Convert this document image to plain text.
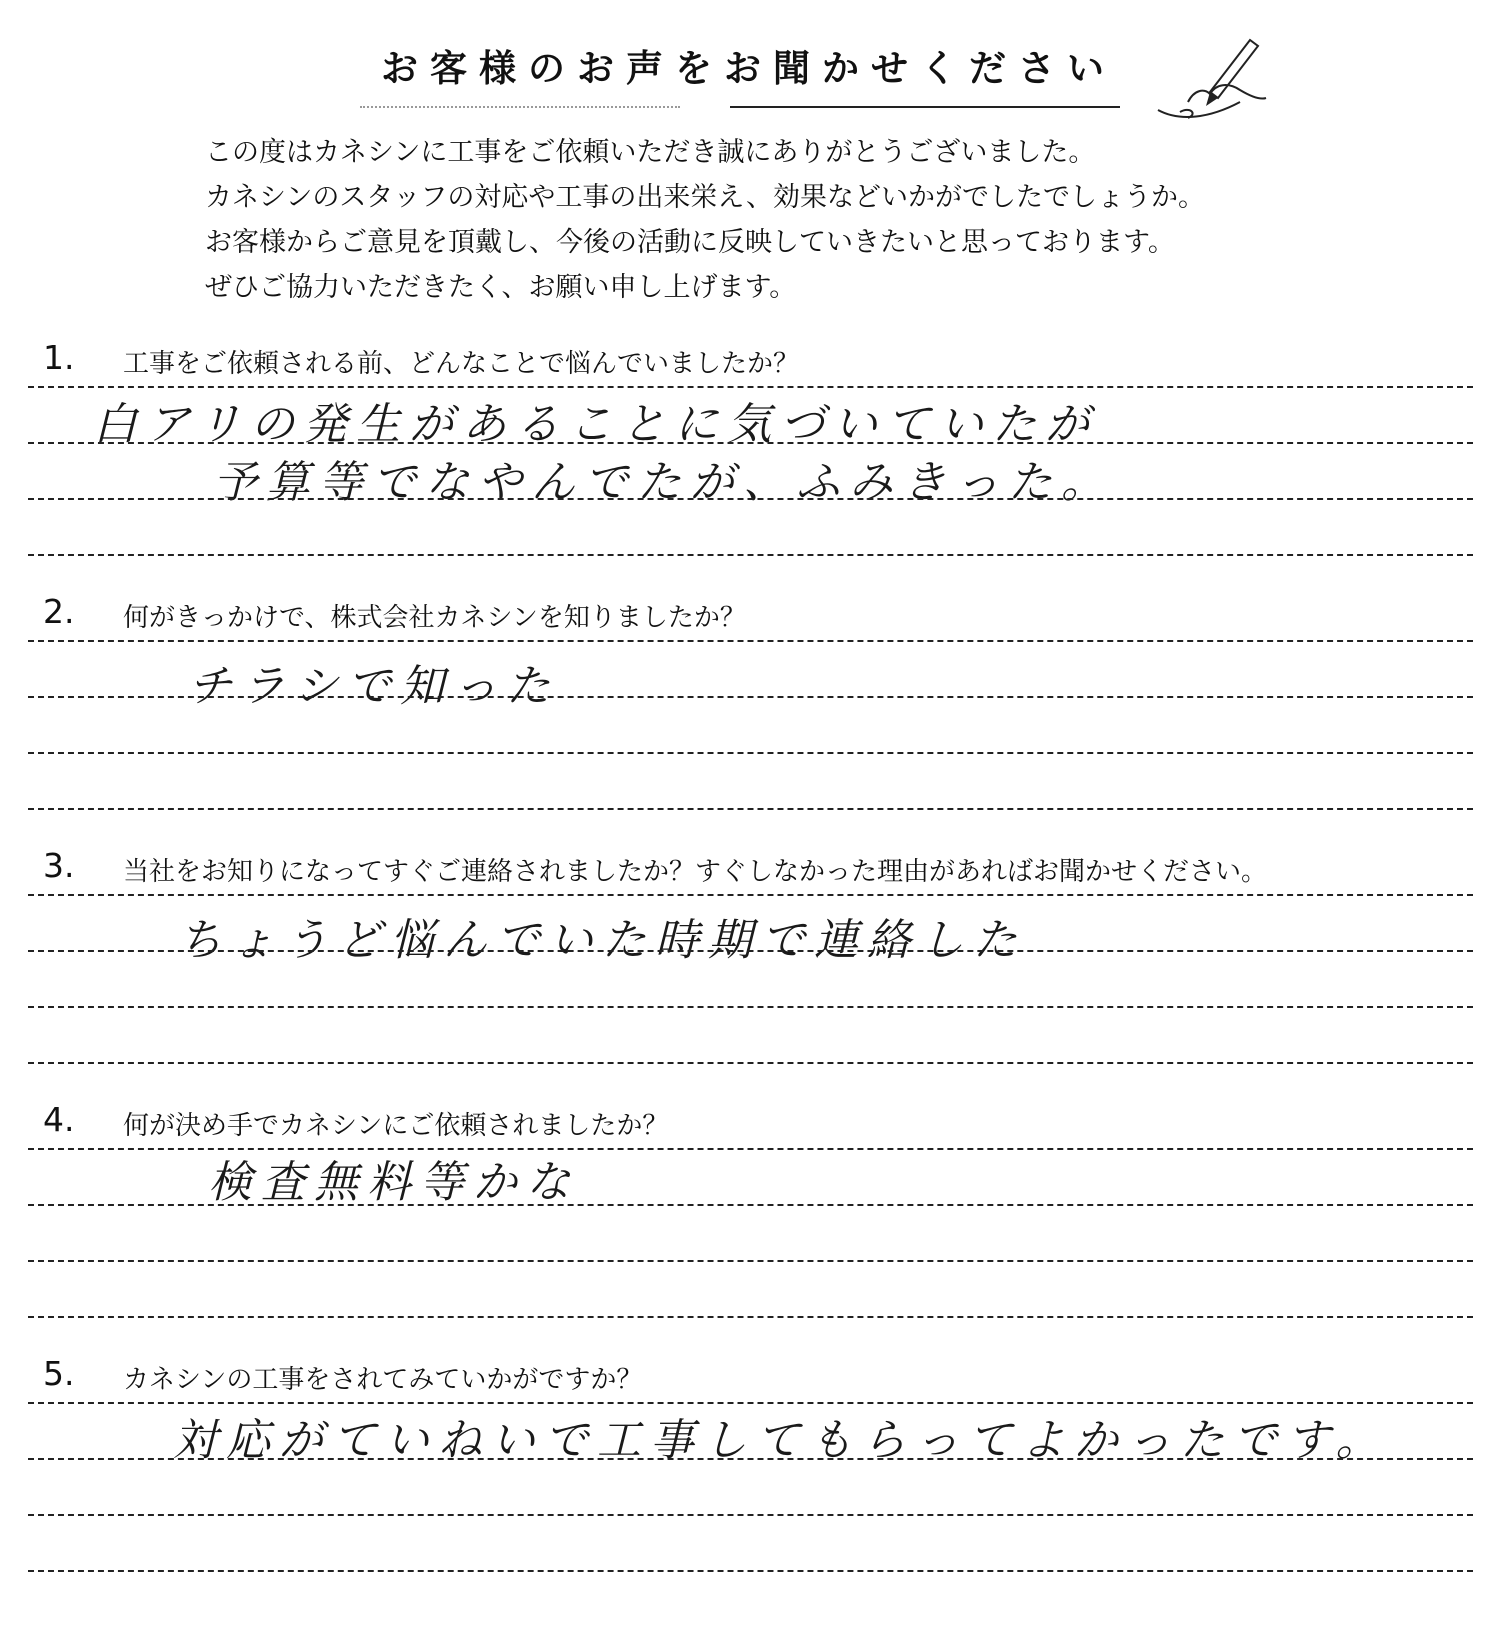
お客様のお声をお聞かせください

この度はカネシンに工事をご依頼いただき誠にありがとうございました。

カネシンのスタッフの対応や工事の出来栄え、効果などいかがでしたでしょうか。

お客様からご意見を頂戴し、今後の活動に反映していきたいと思っております。

ぜひご協力いただきたく、お願い申し上げます。

1. 工事をご依頼される前、どんなことで悩んでいましたか？
白アリの発生があることに気づいていたが
予算等でなやんでたが、ふみきった。
2. 何がきっかけで、株式会社カネシンを知りましたか？
チラシで知った
3. 当社をお知りになってすぐご連絡されましたか？すぐしなかった理由があればお聞かせください。
ちょうど悩んでいた時期で連絡した
4. 何が決め手でカネシンにご依頼されましたか？
検査無料等かな
5. カネシンの工事をされてみていかがですか？
対応がていねいで工事してもらってよかったです。
